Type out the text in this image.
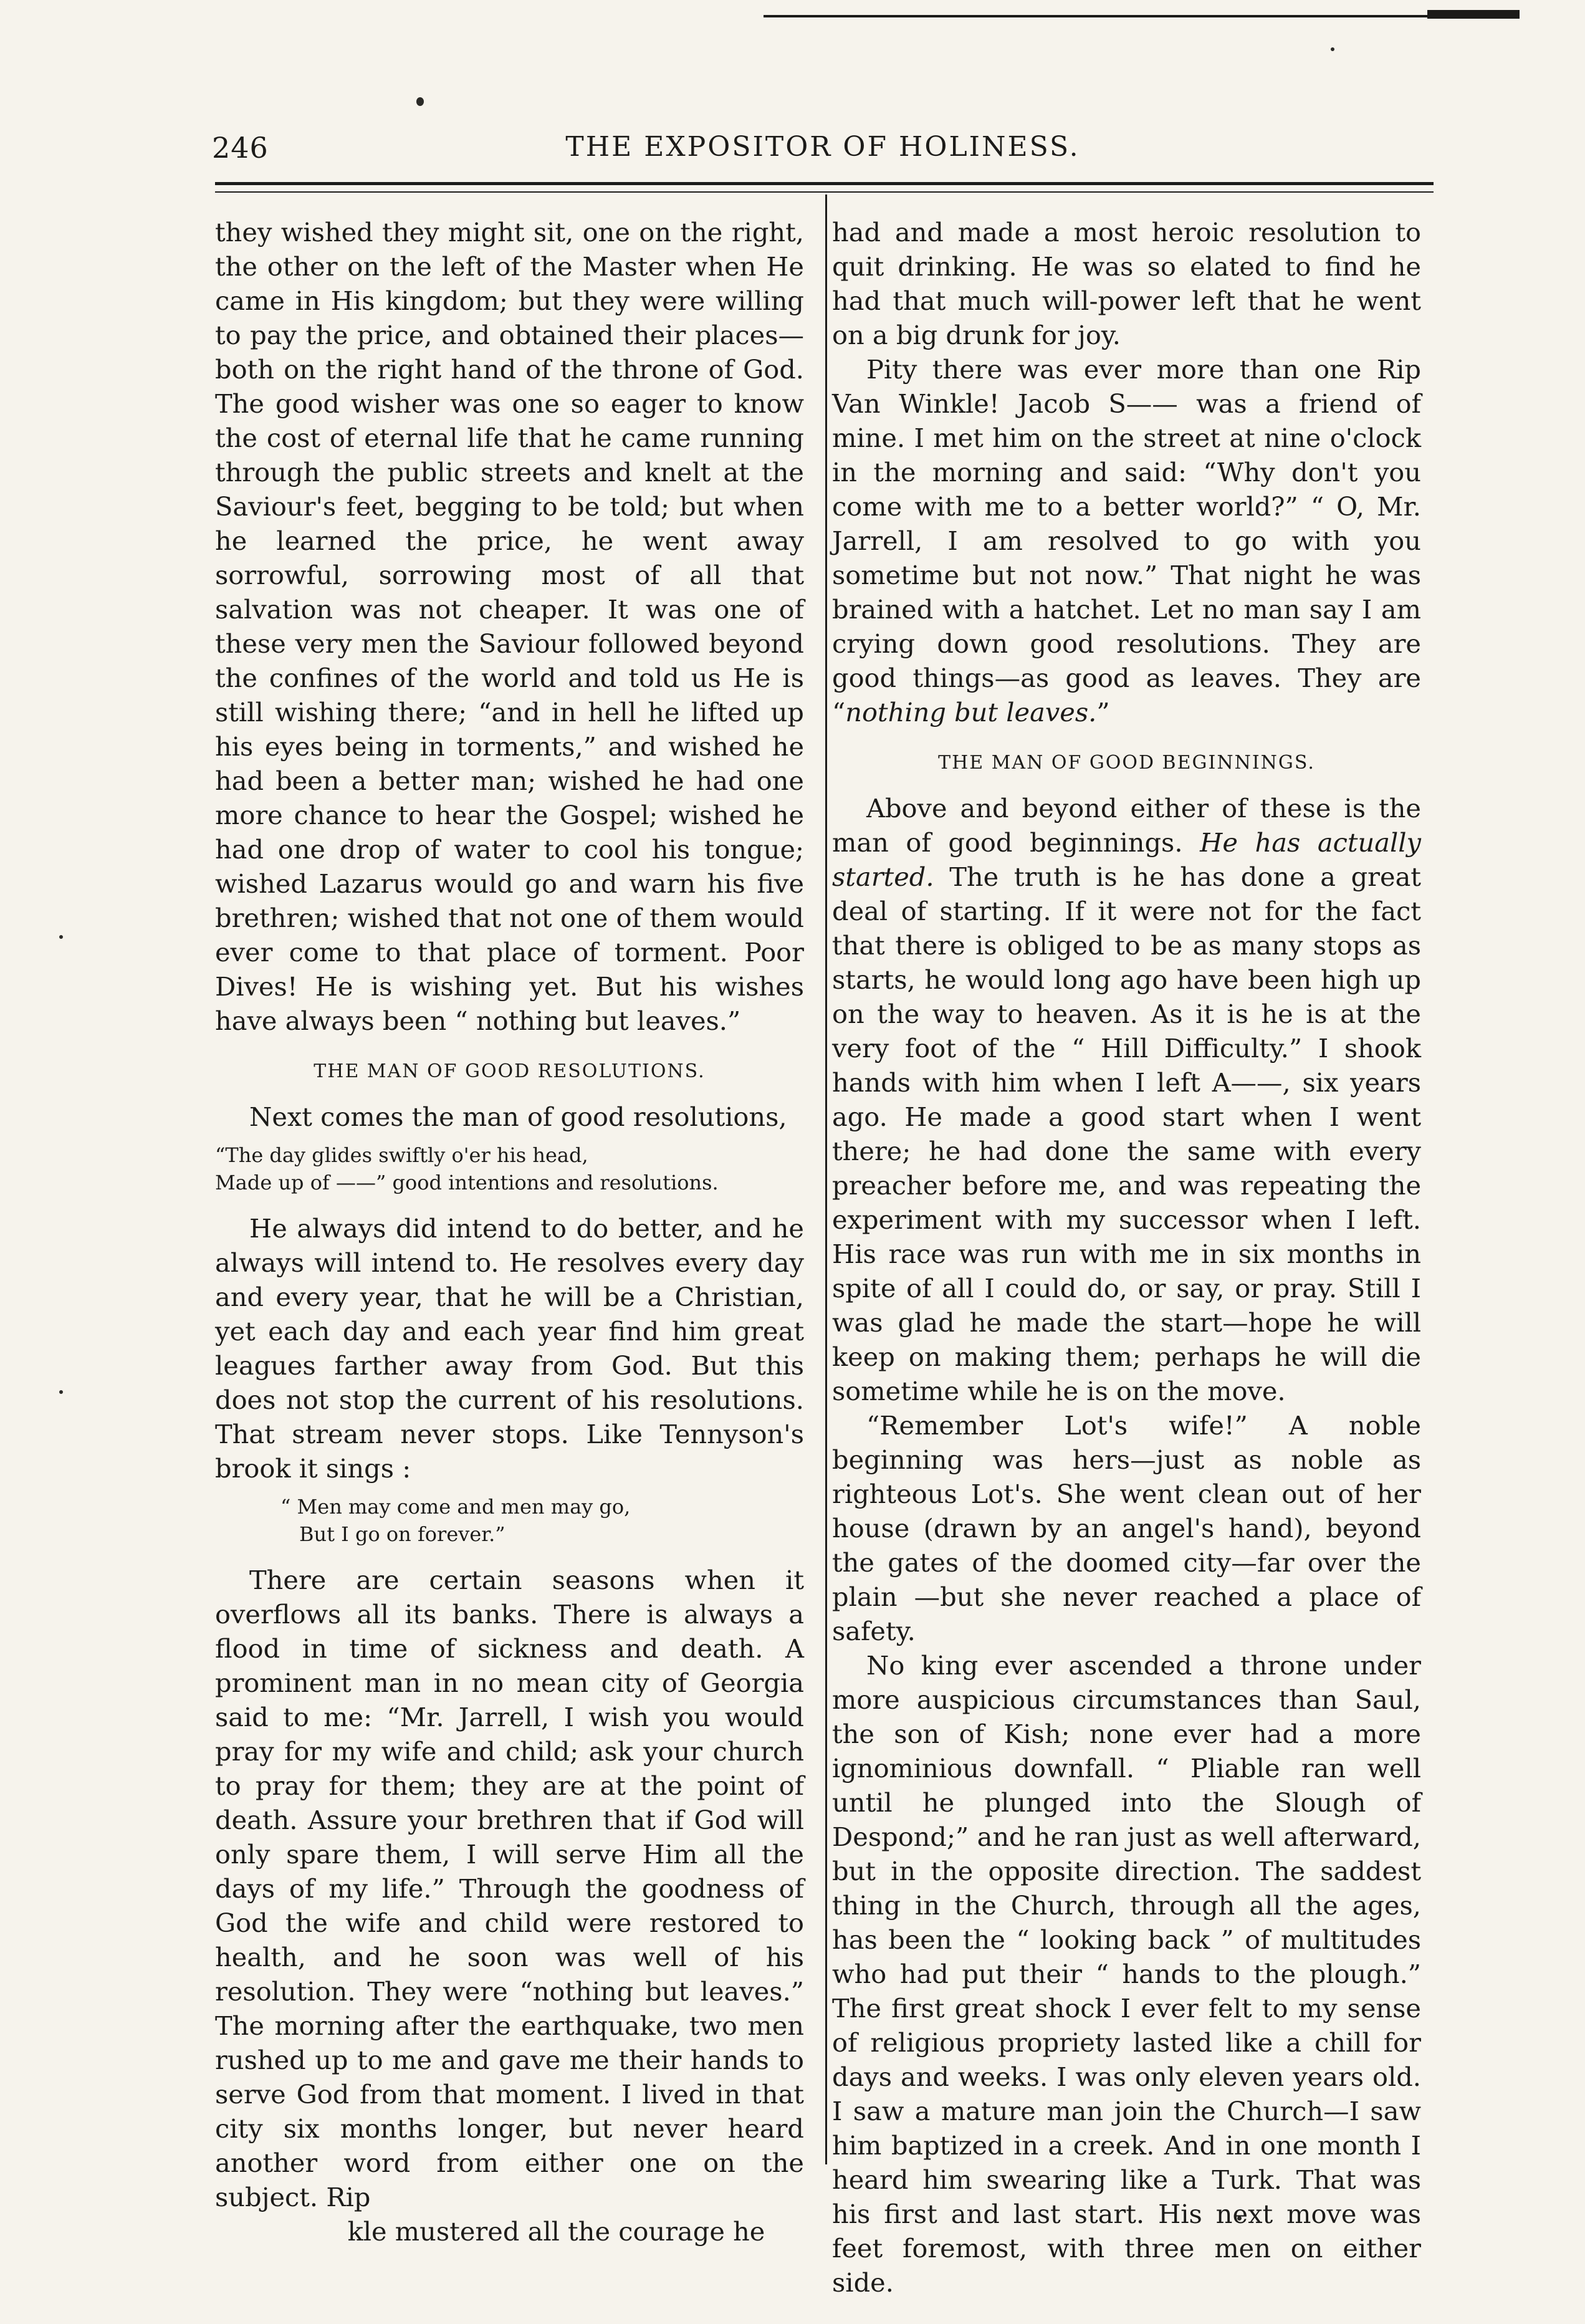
246	THE EXPOSITOR OF HOLINESS.

they wished they might sit, one on the right, the other on the left of the Master when He came in His kingdom; but they were willing to pay the price, and obtained their places—both on the right hand of the throne of God. The good wisher was one so eager to know the cost of eternal life that he came running through the public streets and knelt at the Saviour's feet, begging to be told; but when he learned the price, he went away sorrowful, sorrowing most of all that salvation was not cheaper. It was one of these very men the Saviour followed beyond the confines of the world and told us He is still wishing there; “and in hell he lifted up his eyes being in torments,” and wished he had been a better man; wished he had one more chance to hear the Gospel; wished he had one drop of water to cool his tongue; wished Lazarus would go and warn his five brethren; wished that not one of them would ever come to that place of torment. Poor Dives! He is wishing yet. But his wishes have always been “ nothing but leaves.”

THE MAN OF GOOD RESOLUTIONS.

Next comes the man of good resolutions,

“The day glides swiftly o'er his head,
Made up of ——” good intentions and resolutions.

He always did intend to do better, and he always will intend to. He resolves every day and every year, that he will be a Christian, yet each day and each year find him great leagues farther away from God. But this does not stop the current of his resolutions. That stream never stops. Like Tennyson's brook it sings :

“ Men may come and men may go,
But I go on forever.”

There are certain seasons when it overflows all its banks. There is always a flood in time of sickness and death. A prominent man in no mean city of Georgia said to me: “Mr. Jarrell, I wish you would pray for my wife and child; ask your church to pray for them; they are at the point of death. Assure your brethren that if God will only spare them, I will serve Him all the days of my life.” Through the goodness of God the wife and child were restored to health, and he soon was well of his resolution. They were “nothing but leaves.” The morning after the earthquake, two men rushed up to me and gave me their hands to serve God from that moment. I lived in that city six months longer, but never heard another word from either one on the subject. Rip

kle mustered all the courage he

had and made a most heroic resolution to quit drinking. He was so elated to find he had that much will-power left that he went on a big drunk for joy.

Pity there was ever more than one Rip Van Winkle! Jacob S—— was a friend of mine. I met him on the street at nine o'clock in the morning and said: “Why don't you come with me to a better world?” “ O, Mr. Jarrell, I am resolved to go with you sometime but not now.” That night he was brained with a hatchet. Let no man say I am crying down good resolutions. They are good things—as good as leaves. They are “nothing but leaves.”

THE MAN OF GOOD BEGINNINGS.

Above and beyond either of these is the man of good beginnings. He has actually started. The truth is he has done a great deal of starting. If it were not for the fact that there is obliged to be as many stops as starts, he would long ago have been high up on the way to heaven. As it is he is at the very foot of the “ Hill Difficulty.” I shook hands with him when I left A——, six years ago. He made a good start when I went there; he had done the same with every preacher before me, and was repeating the experiment with my successor when I left. His race was run with me in six months in spite of all I could do, or say, or pray. Still I was glad he made the start—hope he will keep on making them; perhaps he will die sometime while he is on the move.

“Remember Lot's wife!” A noble beginning was hers—just as noble as righteous Lot's. She went clean out of her house (drawn by an angel's hand), beyond the gates of the doomed city—far over the plain —but she never reached a place of safety.

No king ever ascended a throne under more auspicious circumstances than Saul, the son of Kish; none ever had a more ignominious downfall. “ Pliable ran well until he plunged into the Slough of Despond;” and he ran just as well afterward, but in the opposite direction. The saddest thing in the Church, through all the ages, has been the “ looking back ” of multitudes who had put their “ hands to the plough.” The first great shock I ever felt to my sense of religious propriety lasted like a chill for days and weeks. I was only eleven years old. I saw a mature man join the Church—I saw him baptized in a creek. And in one month I heard him swearing like a Turk. That was his first and last start. His next move was feet foremost, with three men on either side.
